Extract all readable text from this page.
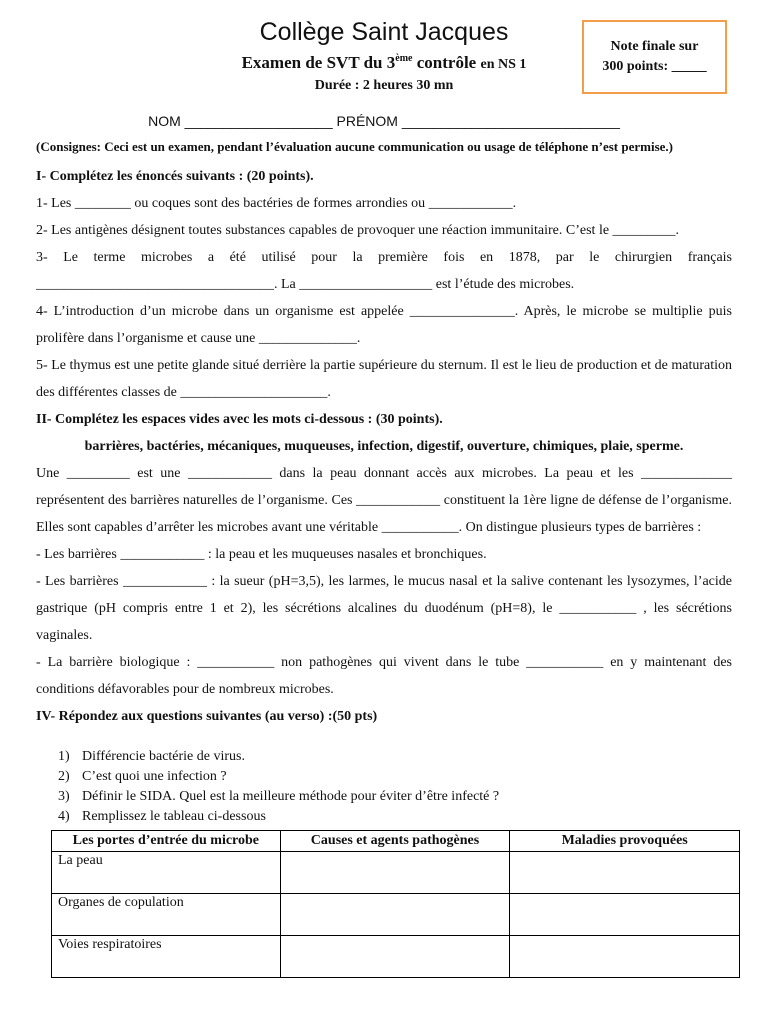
Collège Saint Jacques
Examen de SVT du 3ème contrôle en NS 1
Durée : 2 heures 30 mn
Note finale sur
300 points: _____
NOM ___________________ PRÉNOM ____________________________
(Consignes: Ceci est un examen, pendant l’évaluation aucune communication ou usage de téléphone n’est permise.)

I- Complétez les énoncés suivants : (20 points).

1- Les ________ ou coques sont des bactéries de formes arrondies ou ____________.

2- Les antigènes désignent toutes substances capables de provoquer une réaction immunitaire. C’est le _________.

3- Le terme microbes a été utilisé pour la première fois en 1878, par le chirurgien français __________________________________. La ___________________ est l’étude des microbes.

4- L’introduction d’un microbe dans un organisme est appelée _______________. Après, le microbe se multiplie puis prolifère dans l’organisme et cause une ______________.

5- Le thymus est une petite glande situé derrière la partie supérieure du sternum. Il est le lieu de production et de maturation des différentes classes de _____________________.

II- Complétez les espaces vides avec les mots ci-dessous : (30 points).

barrières, bactéries, mécaniques, muqueuses, infection, digestif, ouverture, chimiques, plaie, sperme.

Une _________ est une ____________ dans la peau donnant accès aux microbes. La peau et les _____________ représentent des barrières naturelles de l’organisme. Ces ____________ constituent la 1ère ligne de défense de l’organisme. Elles sont capables d’arrêter les microbes avant une véritable ___________. On distingue plusieurs types de barrières :

- Les barrières ____________ : la peau et les muqueuses nasales et bronchiques.

- Les barrières ____________ : la sueur (pH=3,5), les larmes, le mucus nasal et la salive contenant les lysozymes, l’acide gastrique (pH compris entre 1 et 2), les sécrétions alcalines du duodénum (pH=8), le ___________ , les sécrétions vaginales.

- La barrière biologique : ___________ non pathogènes qui vivent dans le tube ___________ en y maintenant des conditions défavorables pour de nombreux microbes.

IV- Répondez aux questions suivantes (au verso) :(50 pts)

1) Différencie bactérie de virus.
2) C’est quoi une infection ?
3) Définir le SIDA. Quel est la meilleure méthode pour éviter d’être infecté ?
4) Remplissez le tableau ci-dessous
Les portes d’entrée du microbe	Causes et agents pathogènes	Maladies provoquées
La peau		
Organes de copulation		
Voies respiratoires		
